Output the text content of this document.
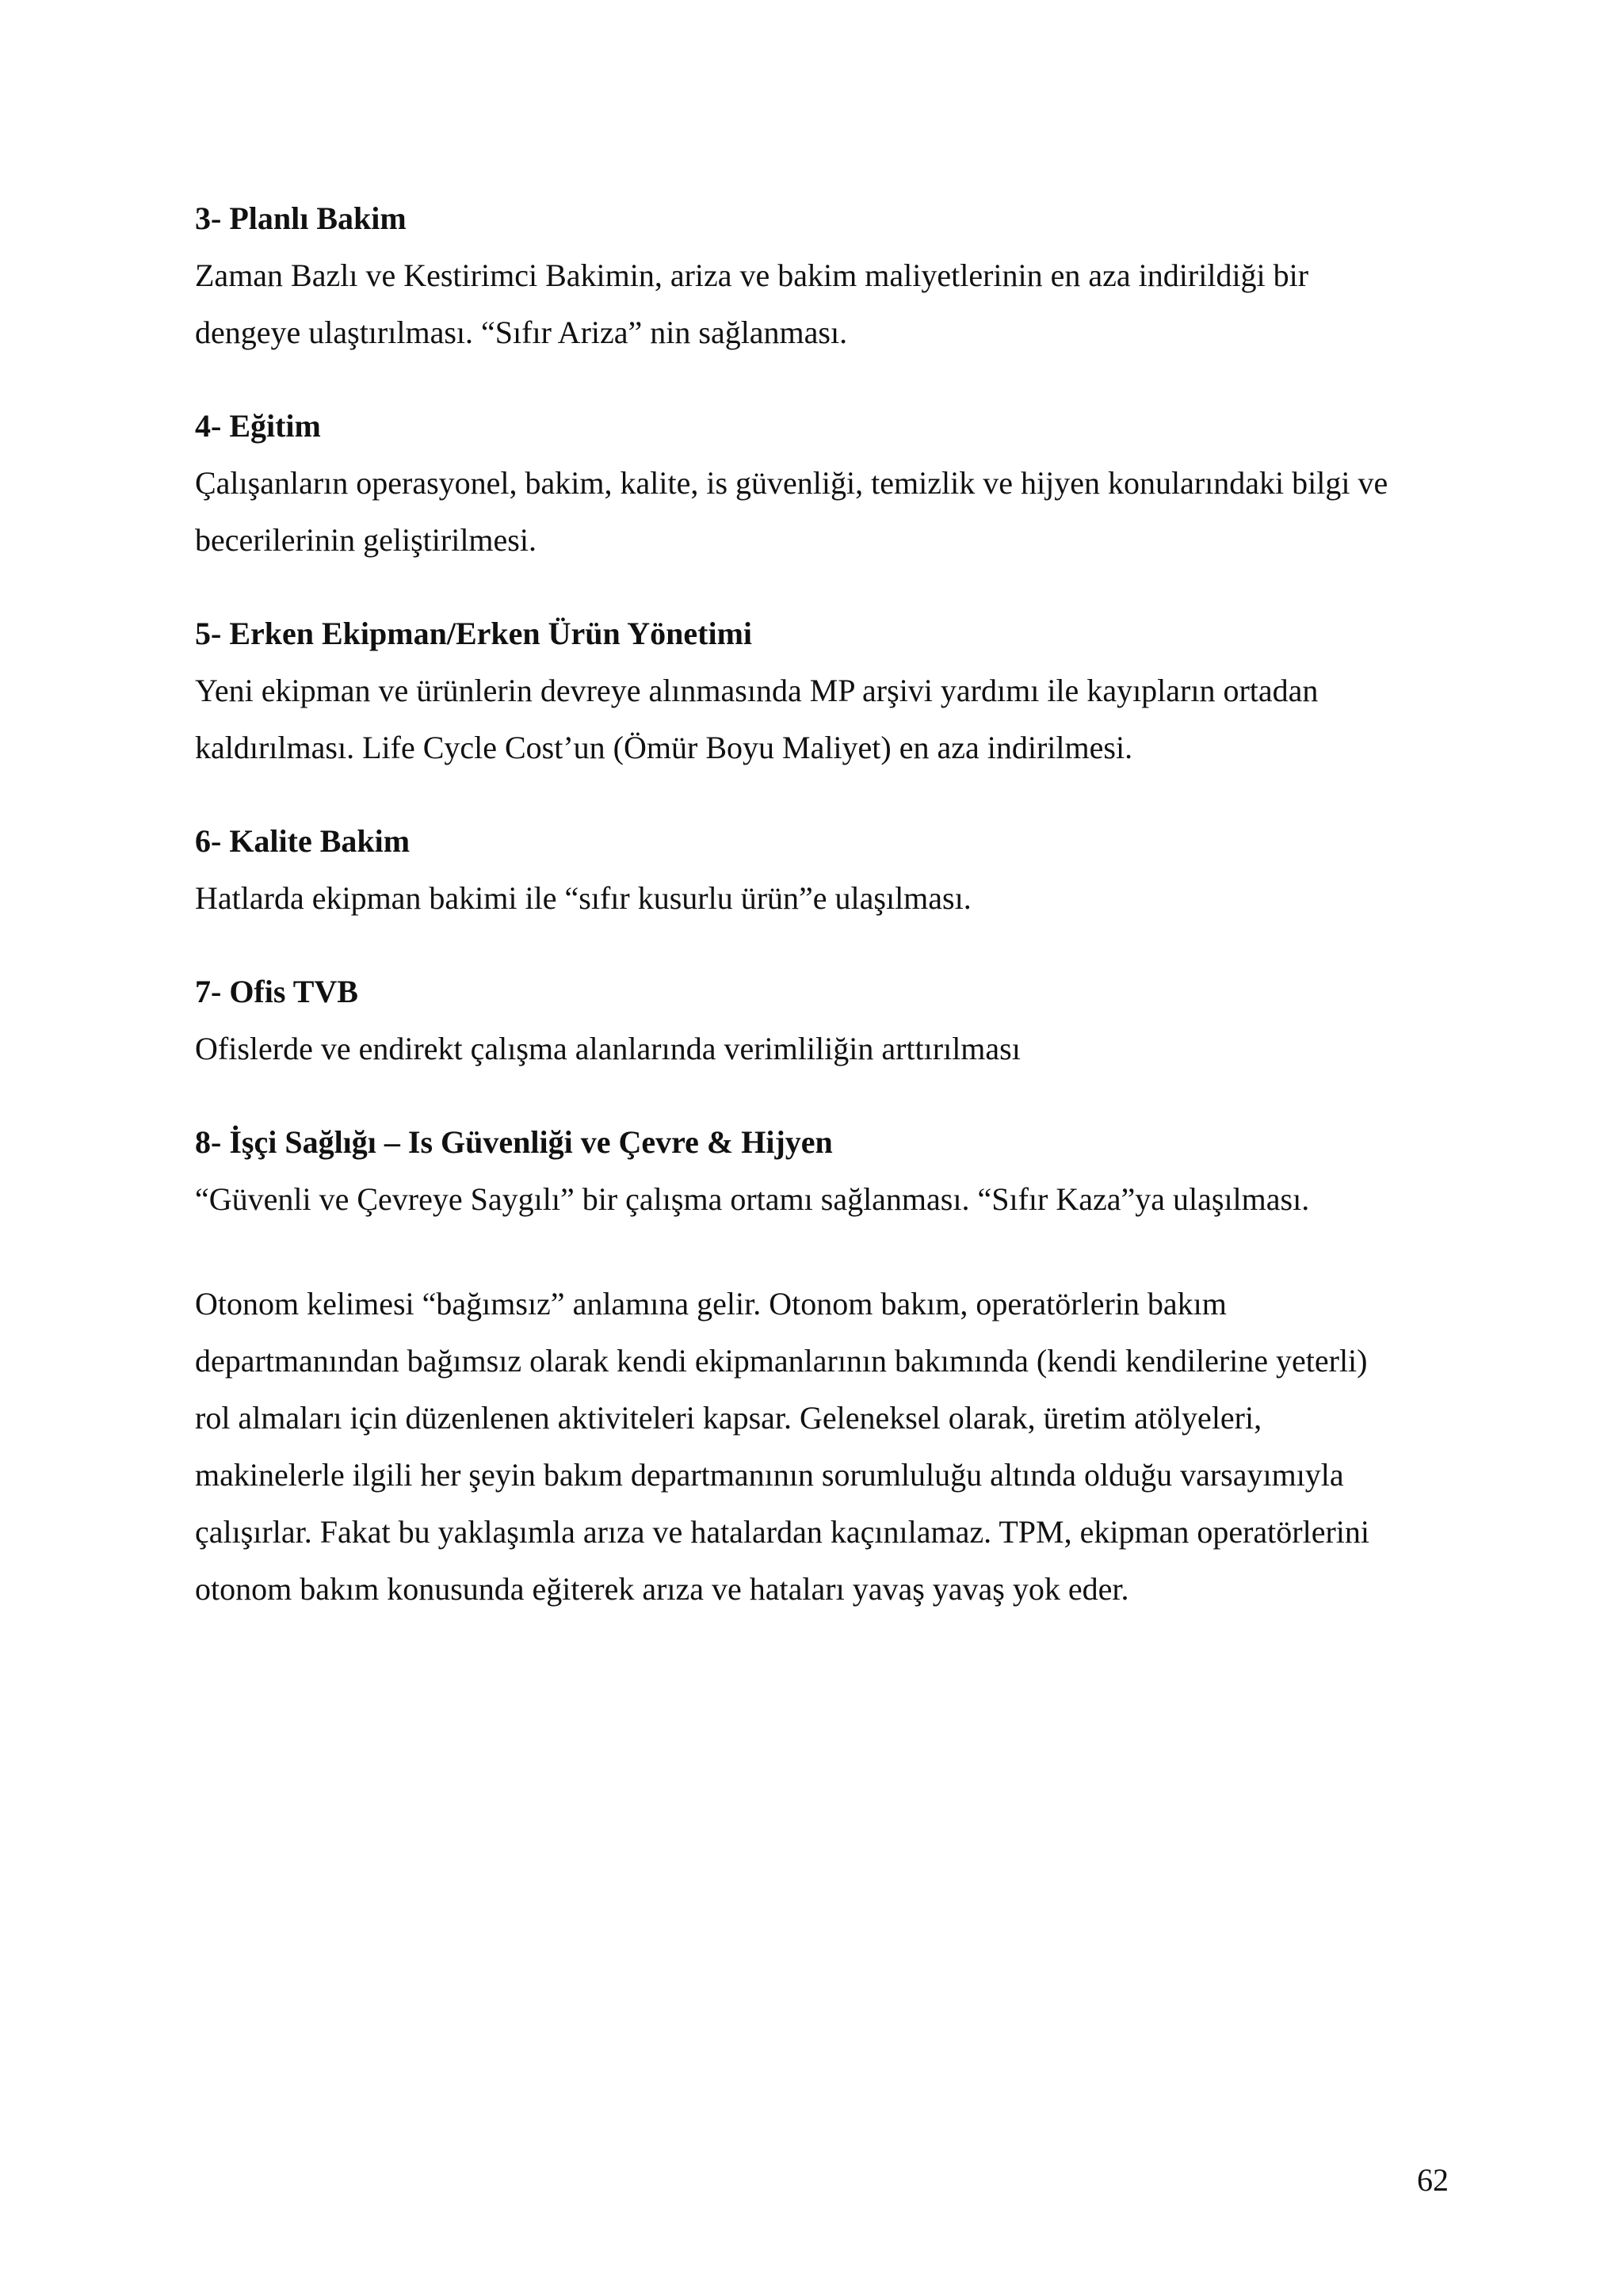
3- Planlı Bakim

Zaman Bazlı ve Kestirimci Bakimin, ariza ve bakim maliyetlerinin en aza indirildiği bir
dengeye ulaştırılması. “Sıfır Ariza” nin sağlanması.

4- Eğitim

Çalışanların operasyonel, bakim, kalite, is güvenliği, temizlik ve hijyen konularındaki bilgi ve
becerilerinin geliştirilmesi.

5- Erken Ekipman/Erken Ürün Yönetimi

Yeni ekipman ve ürünlerin devreye alınmasında MP arşivi yardımı ile kayıpların ortadan
kaldırılması. Life Cycle Cost’un (Ömür Boyu Maliyet) en aza indirilmesi.

6- Kalite Bakim

Hatlarda ekipman bakimi ile “sıfır kusurlu ürün”e ulaşılması.

7- Ofis TVB

Ofislerde ve endirekt çalışma alanlarında verimliliğin arttırılması

8- İşçi Sağlığı – Is Güvenliği ve Çevre & Hijyen

“Güvenli ve Çevreye Saygılı” bir çalışma ortamı sağlanması. “Sıfır Kaza”ya ulaşılması.

Otonom kelimesi “bağımsız” anlamına gelir. Otonom bakım, operatörlerin bakım
departmanından bağımsız olarak kendi ekipmanlarının bakımında (kendi kendilerine yeterli)
rol almaları için düzenlenen aktiviteleri kapsar. Geleneksel olarak, üretim atölyeleri,
makinelerle ilgili her şeyin bakım departmanının sorumluluğu altında olduğu varsayımıyla
çalışırlar. Fakat bu yaklaşımla arıza ve hatalardan kaçınılamaz. TPM, ekipman operatörlerini
otonom bakım konusunda eğiterek arıza ve hataları yavaş yavaş yok eder.
62
